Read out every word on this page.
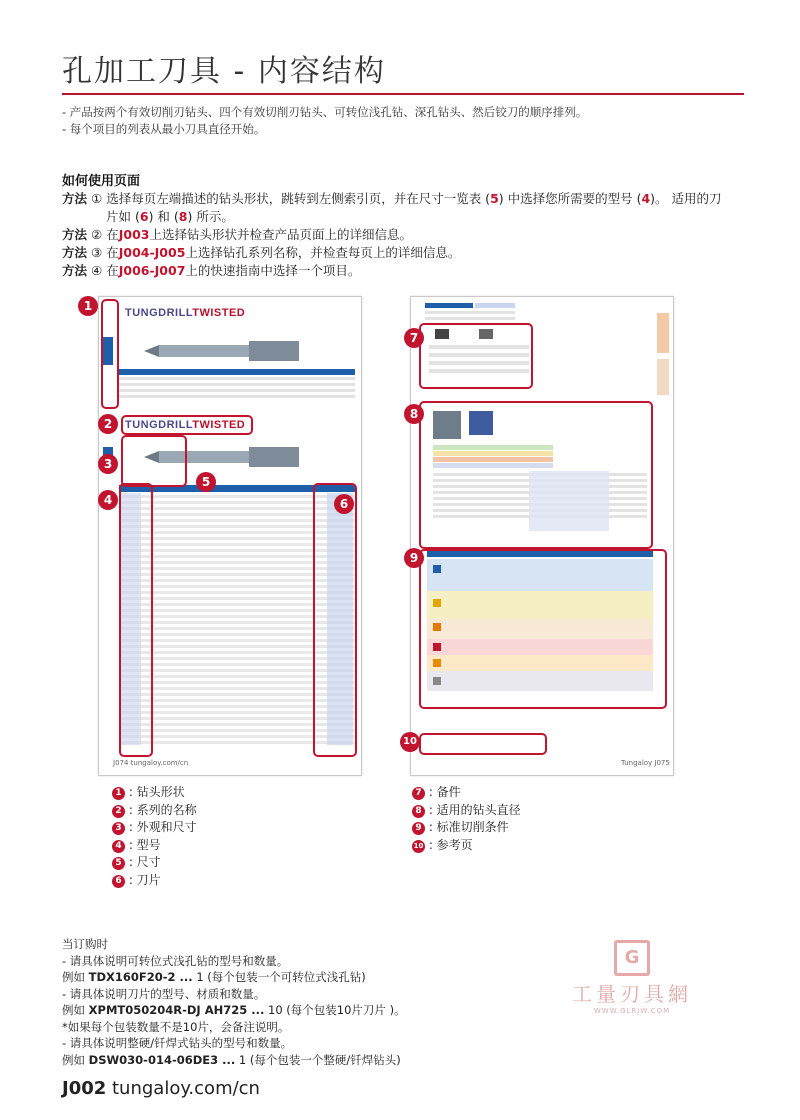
孔加工刀具 - 内容结构
- 产品按两个有效切削刃钻头、四个有效切削刃钻头、可转位浅孔钻、深孔钻头、然后铰刀的顺序排列。
- 每个项目的列表从最小刀具直径开始。
如何使用页面

方法 ① 选择每页左端描述的钻头形状，跳转到左侧索引页，并在尺寸一览表 (5) 中选择您所需要的型号 (4)。 适用的刀

片如 (6) 和 (8) 所示。

方法 ② 在J003上选择钻头形状并检查产品页面上的详细信息。

方法 ③ 在J004-J005上选择钻孔系列名称，并检查每页上的详细信息。

方法 ④ 在J006-J007上的快速指南中选择一个项目。

TUNGDRILLTWISTED
TUNGDRILLTWISTED
J074 tungaloy.com/cn	Tungaloy J075
1
2
3
4
5
6
7
8
9
10
1 : 钻头形状
2 : 系列的名称
3 : 外观和尺寸
4 : 型号
5 : 尺寸
6 : 刀片
7 : 备件
8 : 适用的钻头直径
9 : 标准切削条件
10 : 参考页
当订购时
- 请具体说明可转位式浅孔钻的型号和数量。
例如 TDX160F20-2 ... 1 (每个包装一个可转位式浅孔钻)
- 请具体说明刀片的型号、材质和数量。
例如 XPMT050204R-DJ AH725 ... 10 (每个包装10片刀片 )。
*如果每个包装数量不是10片，会备注说明。
- 请具体说明整硬/钎焊式钻头的型号和数量。
例如 DSW030-014-06DE3 ... 1 (每个包装一个整硬/钎焊钻头)
G
工量刃具網
WWW.GLRJW.COM
J002 tungaloy.com/cn
